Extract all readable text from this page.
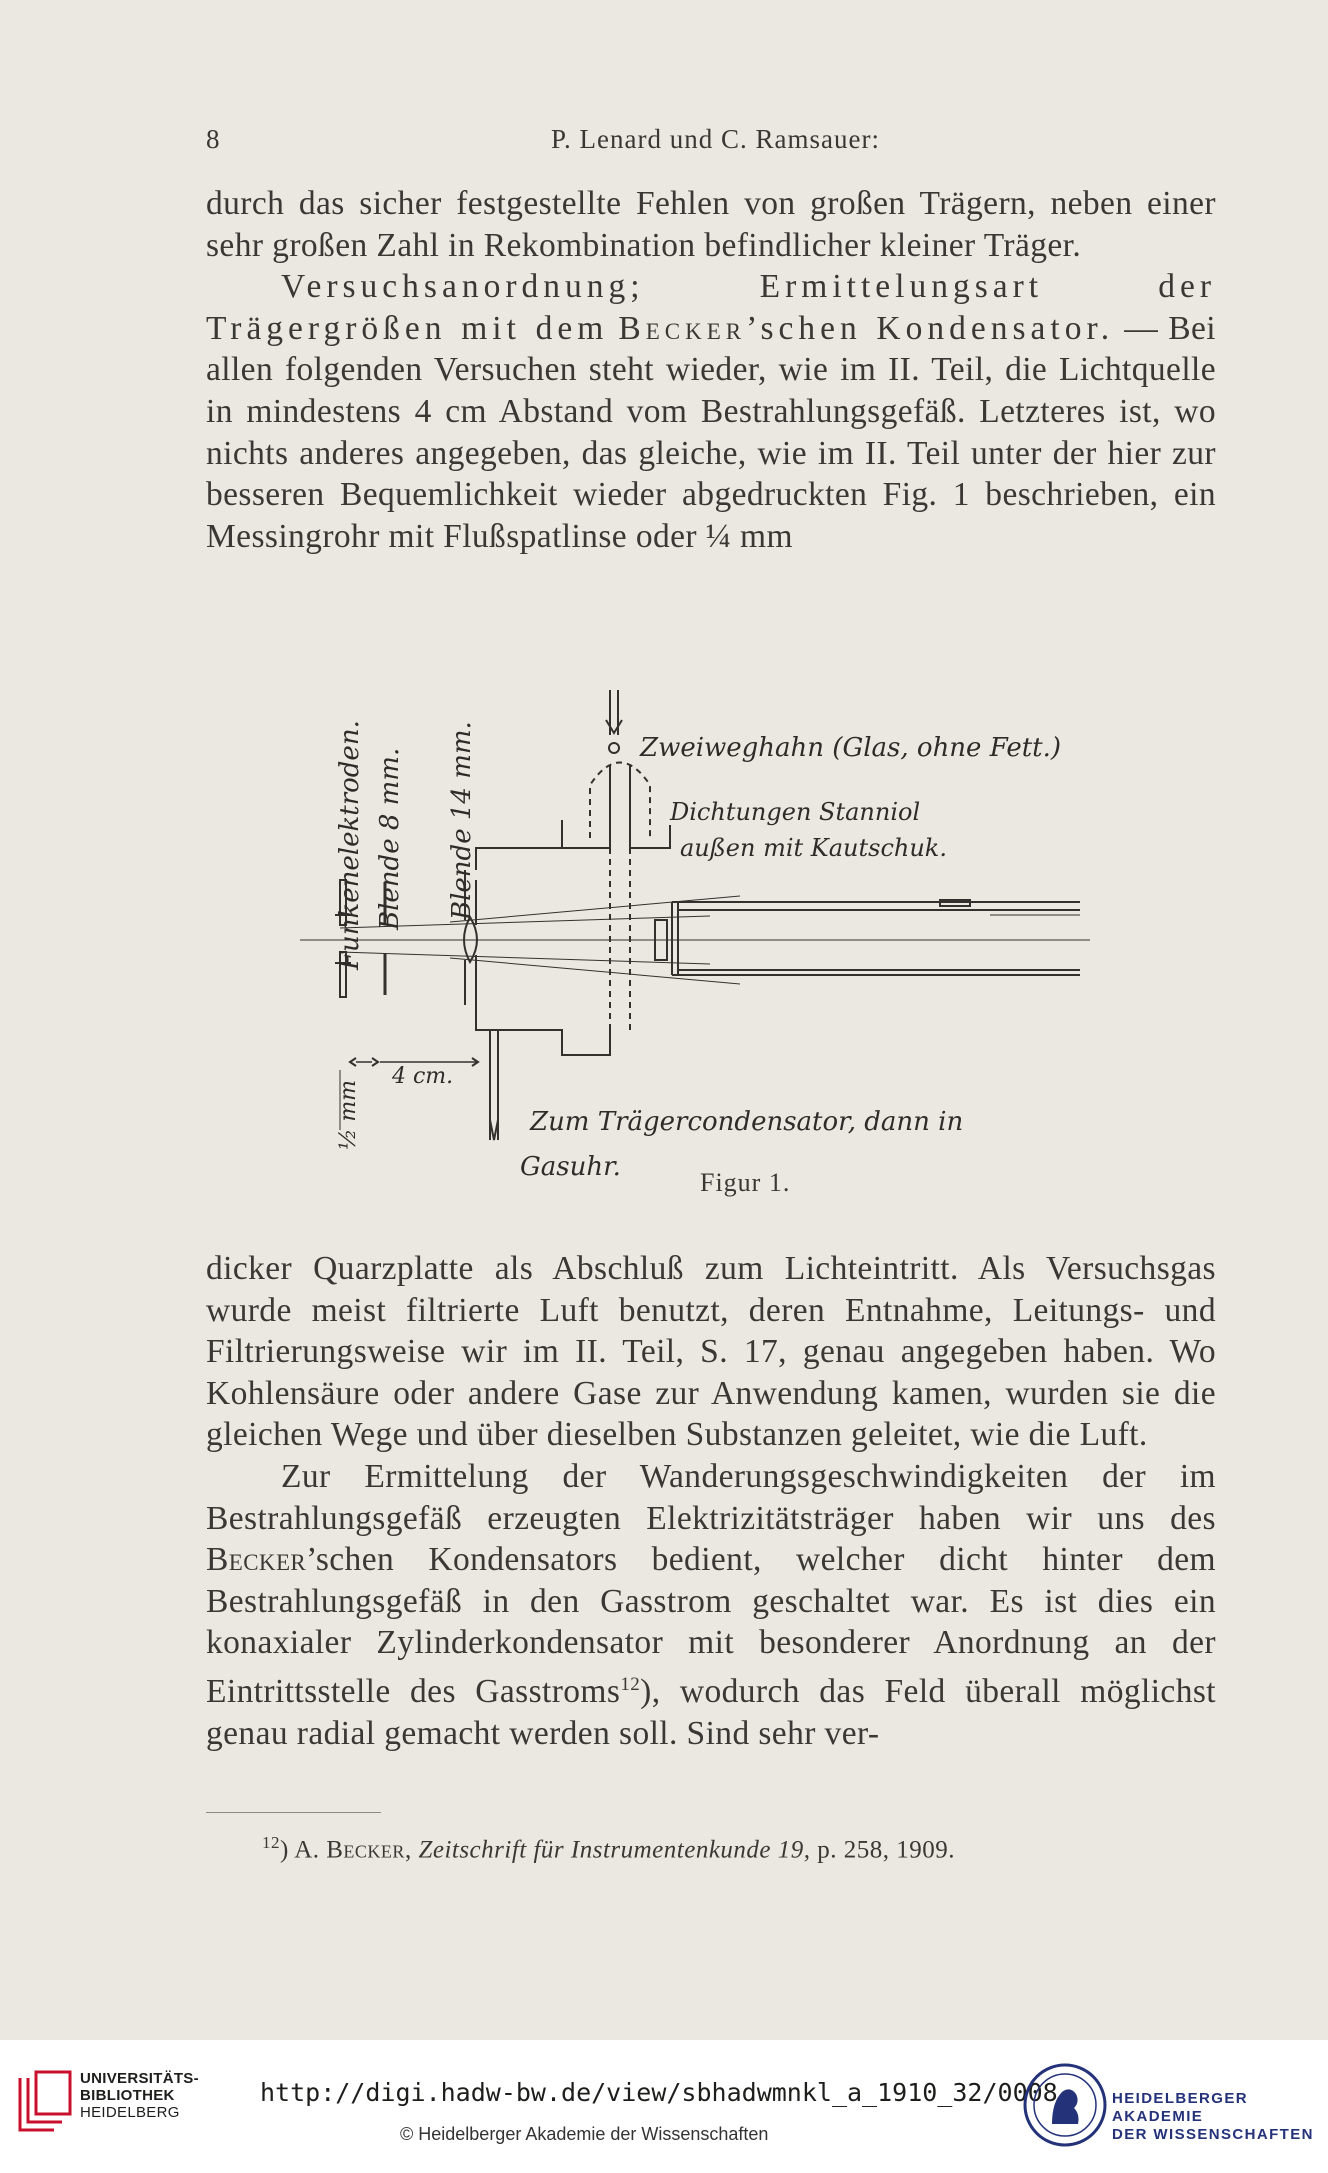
8	P. Lenard und C. Ramsauer:

durch das sicher festgestellte Fehlen von großen Trägern, neben einer sehr großen Zahl in Rekombination befindlicher kleiner Träger.

Versuchsanordnung; Ermittelungsart der Trägergrößen mit dem Becker’schen Kondensator. — Bei allen folgenden Versuchen steht wieder, wie im II. Teil, die Lichtquelle in mindestens 4 cm Abstand vom Bestrahlungsgefäß. Letzteres ist, wo nichts anderes angegeben, das gleiche, wie im II. Teil unter der hier zur besseren Bequemlichkeit wieder abgedruckten Fig. 1 beschrieben, ein Messingrohr mit Flußspatlinse oder ¼ mm

Funkenelektroden. Blende 8 mm. Blende 14 mm.
½ mm
Zweiweghahn (Glas, ohne Fett.)
Dichtungen Stanniol
außen mit Kautschuk.
4 cm.
Zum Trägercondensator, dann in
Gasuhr.
Figur 1.

dicker Quarzplatte als Abschluß zum Lichteintritt. Als Versuchsgas wurde meist filtrierte Luft benutzt, deren Entnahme, Leitungs- und Filtrierungsweise wir im II. Teil, S. 17, genau angegeben haben. Wo Kohlensäure oder andere Gase zur Anwendung kamen, wurden sie die gleichen Wege und über dieselben Substanzen geleitet, wie die Luft.

Zur Ermittelung der Wanderungsgeschwindigkeiten der im Bestrahlungsgefäß erzeugten Elektrizitätsträger haben wir uns des Becker’schen Kondensators bedient, welcher dicht hinter dem Bestrahlungsgefäß in den Gasstrom geschaltet war. Es ist dies ein konaxialer Zylinderkondensator mit besonderer Anordnung an der Eintrittsstelle des Gasstroms$^{12}$), wodurch das Feld überall möglichst genau radial gemacht werden soll. Sind sehr ver-

$^{12}$) A. Becker, Zeitschrift für Instrumentenkunde 19, p. 258, 1909.
UNIVERSITÄTS-
BIBLIOTHEK
HEIDELBERG
http://digi.hadw-bw.de/view/sbhadwmnkl_a_1910_32/0008
© Heidelberger Akademie der Wissenschaften
HEIDELBERGER AKADEMIE
DER WISSENSCHAFTEN
